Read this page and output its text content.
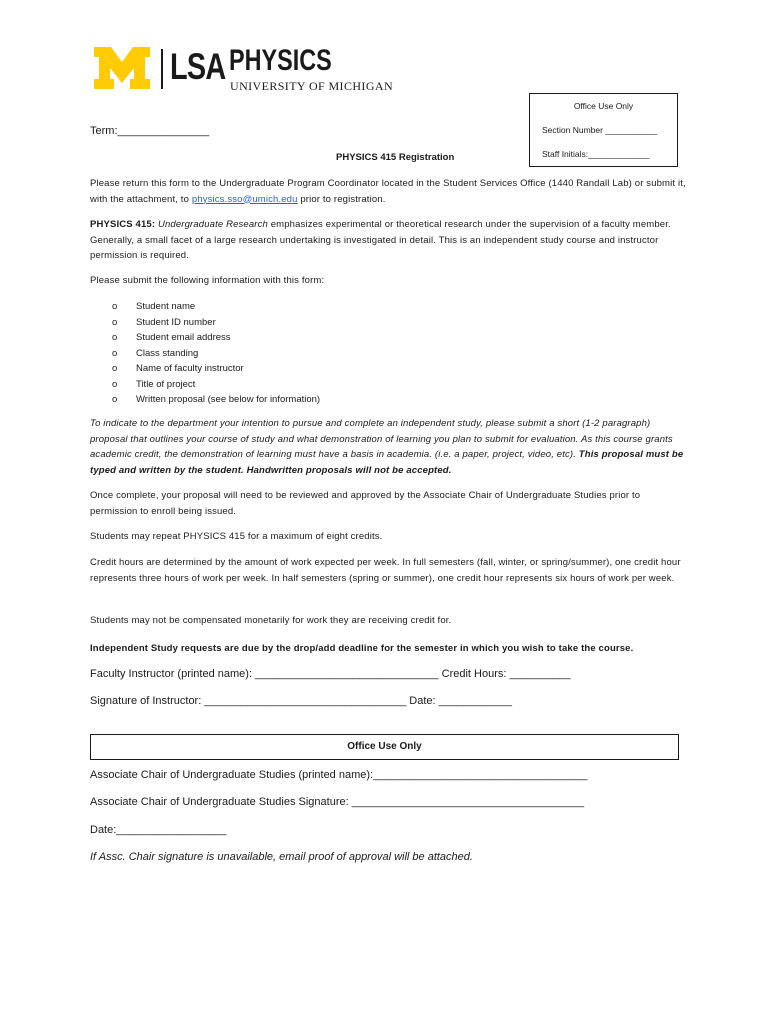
LSA PHYSICS
UNIVERSITY OF MICHIGAN
Office Use Only
Section Number ___________
Staff Initials:_____________
Term:_______________
PHYSICS 415 Registration
Please return this form to the Undergraduate Program Coordinator located in the Student Services Office (1440 Randall Lab) or submit it, with the attachment, to physics.sso@umich.edu prior to registration.
PHYSICS 415: Undergraduate Research emphasizes experimental or theoretical research under the supervision of a faculty member. Generally, a small facet of a large research undertaking is investigated in detail. This is an independent study course and instructor permission is required.
Please submit the following information with this form:
o Student name
o Student ID number
o Student email address
o Class standing
o Name of faculty instructor
o Title of project
o Written proposal (see below for information)
To indicate to the department your intention to pursue and complete an independent study, please submit a short (1-2 paragraph) proposal that outlines your course of study and what demonstration of learning you plan to submit for evaluation. As this course grants academic credit, the demonstration of learning must have a basis in academia. (i.e. a paper, project, video, etc). This proposal must be typed and written by the student. Handwritten proposals will not be accepted.
Once complete, your proposal will need to be reviewed and approved by the Associate Chair of Undergraduate Studies prior to permission to enroll being issued.
Students may repeat PHYSICS 415 for a maximum of eight credits.
Credit hours are determined by the amount of work expected per week. In full semesters (fall, winter, or spring/summer), one credit hour represents three hours of work per week. In half semesters (spring or summer), one credit hour represents six hours of work per week.
Students may not be compensated monetarily for work they are receiving credit for.
Independent Study requests are due by the drop/add deadline for the semester in which you wish to take the course.
Faculty Instructor (printed name): ______________________________ Credit Hours: __________
Signature of Instructor: _________________________________ Date: ____________
Office Use Only
Associate Chair of Undergraduate Studies (printed name):___________________________________
Associate Chair of Undergraduate Studies Signature: ______________________________________
Date:__________________
If Assc. Chair signature is unavailable, email proof of approval will be attached.
